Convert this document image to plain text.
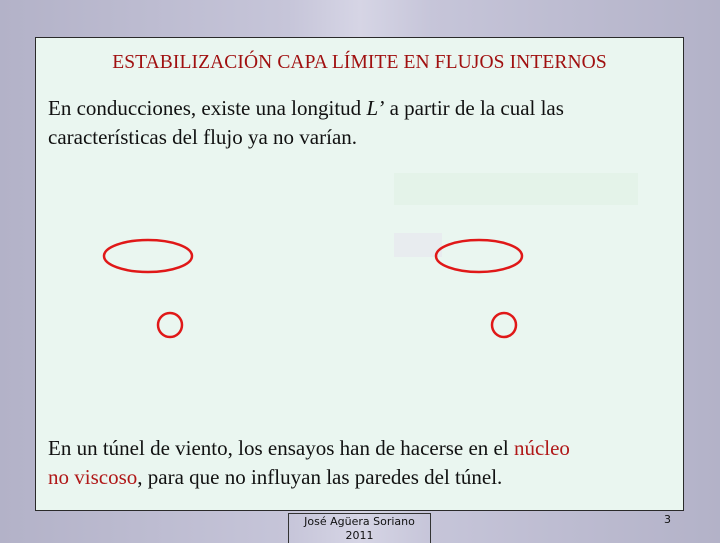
ESTABILIZACIÓN CAPA LÍMITE EN FLUJOS INTERNOS
En conducciones, existe una longitud L’ a partir de la cual las
características del flujo ya no varían.
En un túnel de viento, los ensayos han de hacerse en el núcleo
no viscoso, para que no influyan las paredes del túnel.
José Agüera Soriano 2011
3
